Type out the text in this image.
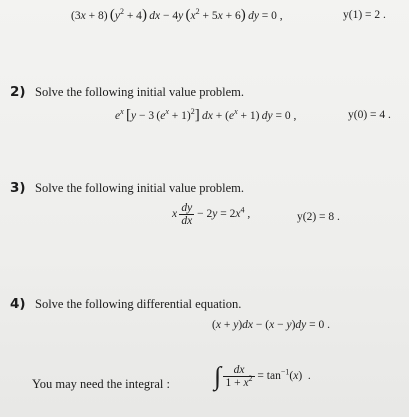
(3x + 8) $(y^2 + 4)$  dx − 4y  $(x^2 + 5x + 6)$  dy = 0 ,	y(1) = 2 .
2) Solve the following initial value problem.
$e^x$  [y − 3 $(e^x + 1)^2$]  dx + $(e^x + 1)$ dy = 0 ,	y(0) = 4 .
3) Solve the following initial value problem.
x  $\frac{dy}{dx} - 2y = 2x^4$ ,	y(2) = 8 .
4) Solve the following differential equation.
(x + y)dx − (x − y)dy = 0 .
You may need the integral : ∫  $\frac{dx}{1 + x^2} = \tan^{-1}(x)$  .
